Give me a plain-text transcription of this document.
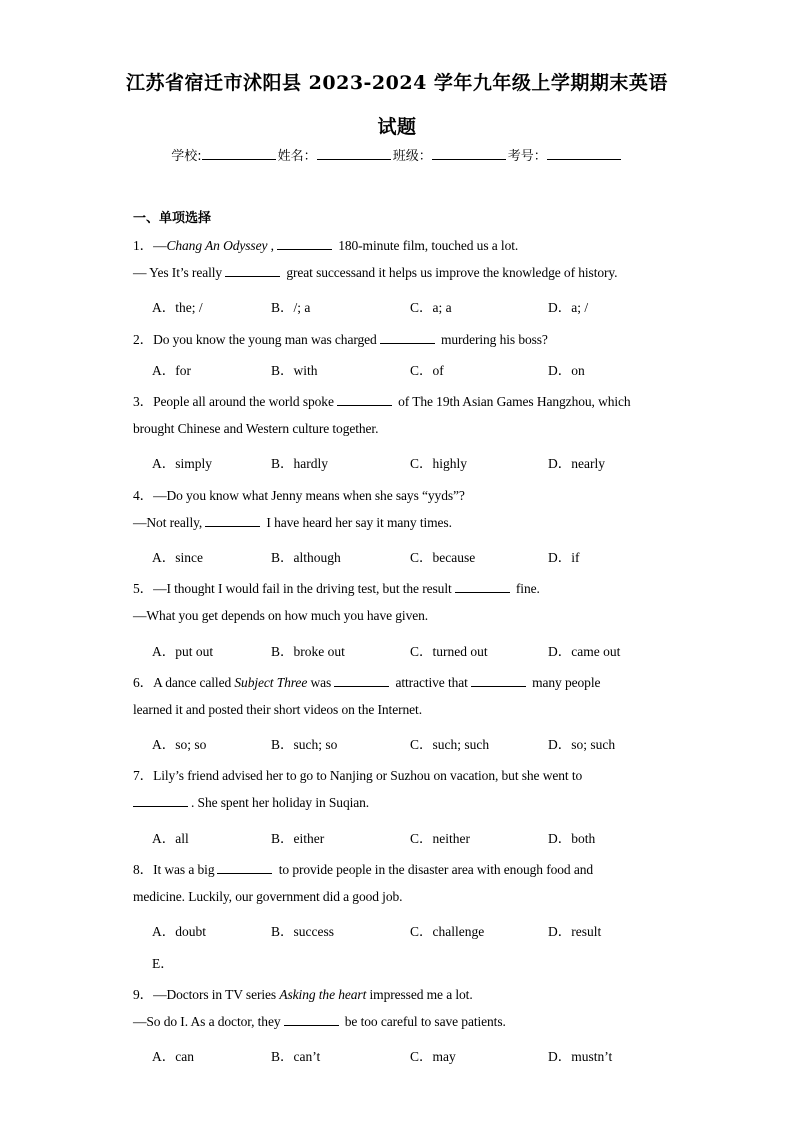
江苏省宿迁市沭阳县 2023-2024 学年九年级上学期期末英语
试题
学校:	姓名：	班级：	考号：
一、单项选择
1．—Chang An Odyssey ,	180-minute film, touched us a lot.
— Yes It’s really	great successand it helps us improve the knowledge of history.
A．the; /	B．/; a	C．a; a	D．a; /
2．Do you know the young man was charged	murdering his boss?
A．for	B．with	C．of	D．on
3．People all around the world spoke	of The 19th Asian Games Hangzhou, which
brought Chinese and Western culture together.
A．simply	B．hardly	C．highly	D．nearly
4．—Do you know what Jenny means when she says “yyds”?
—Not really,	I have heard her say it many times.
A．since	B．although	C．because	D．if
5．—I thought I would fail in the driving test, but the result	fine.
—What you get depends on how much you have given.
A．put out	B．broke out	C．turned out	D．came out
6．A dance called Subject Three was	attractive that	many people
learned it and posted their short videos on the Internet.
A．so; so	B．such; so	C．such; such	D．so; such
7．Lily’s friend advised her to go to Nanjing or Suzhou on vacation, but she went to
. She spent her holiday in Suqian.
A．all	B．either	C．neither	D．both
8．It was a big	to provide people in the disaster area with enough food and
medicine. Luckily, our government did a good job.
A．doubt	B．success	C．challenge	D．result
E．
9．—Doctors in TV series Asking the heart impressed me a lot.
—So do I. As a doctor, they	be too careful to save patients.
A．can	B．can’t	C．may	D．mustn’t
